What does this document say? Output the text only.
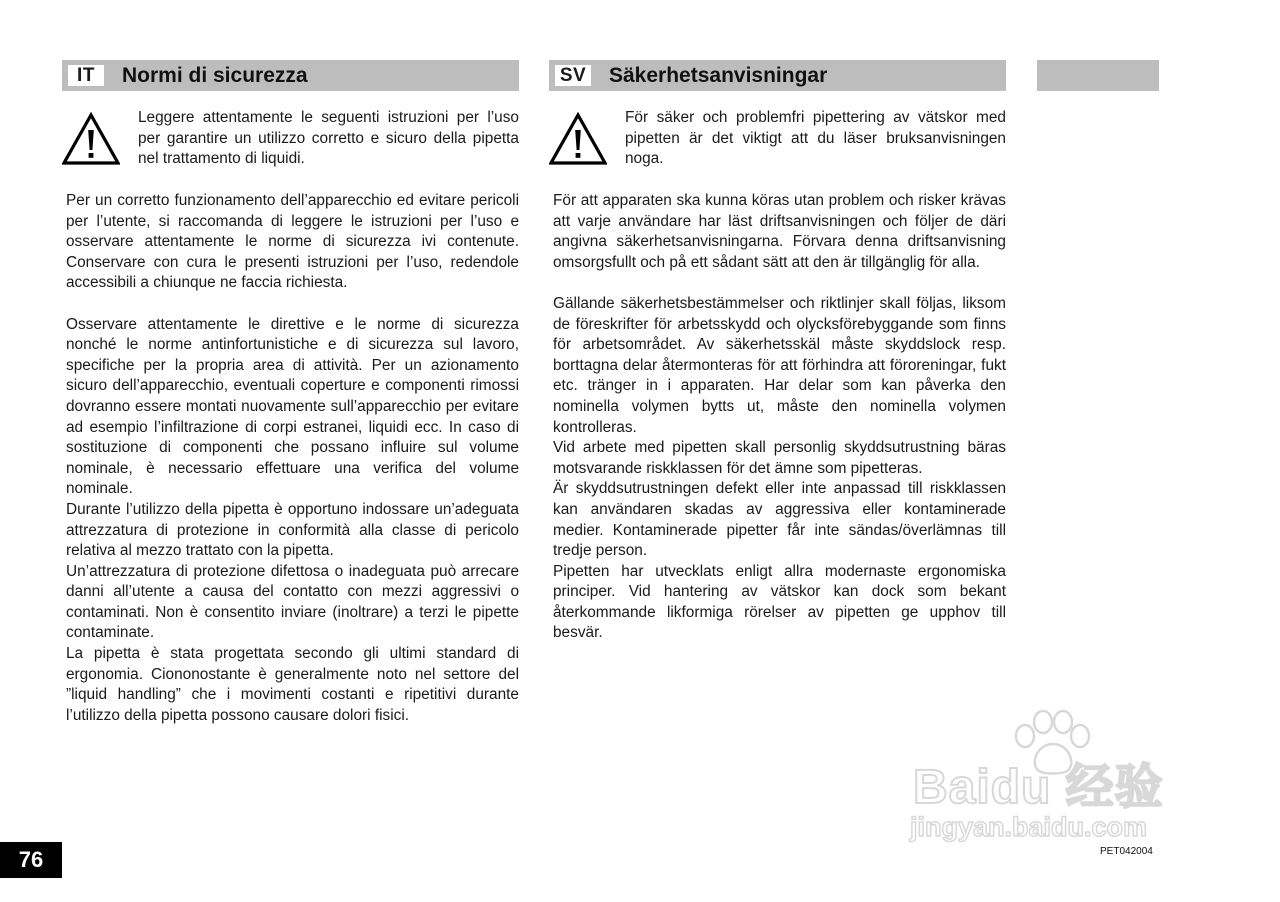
IT	Normi di sicurezza

Leggere attentamente le seguenti istruzioni per l’uso per garantire un utilizzo corretto e sicuro della pipetta nel trattamento di liquidi.

Per un corretto funzionamento dell’apparecchio ed evitare pericoli per l’utente, si raccomanda di leggere le istruzioni per l’uso e osservare attentamente le norme di sicurezza ivi contenute. Conservare con cura le presenti istruzioni per l’uso, redendole accessibili a chiunque ne faccia richiesta.

Osservare attentamente le direttive e le norme di sicurezza nonché le norme antinfortunistiche e di sicurezza sul lavoro, specifiche per la propria area di attività. Per un azionamento sicuro dell’apparecchio, eventuali coperture e componenti rimossi dovranno essere montati nuovamente sull’apparecchio per evitare ad esempio l’infiltrazione di corpi estranei, liquidi ecc. In caso di sostituzione di componenti che possano influire sul volume nominale, è necessario effettuare una verifica del volume nominale.

Durante l’utilizzo della pipetta è opportuno indossare un’adeguata attrezzatura di protezione in conformità alla classe di pericolo relativa al mezzo trattato con la pipetta.

Un’attrezzatura di protezione difettosa o inadeguata può arrecare danni all’utente a causa del contatto con mezzi aggressivi o contaminati. Non è consentito inviare (inoltrare) a terzi le pipette contaminate.

La pipetta è stata progettata secondo gli ultimi standard di ergonomia. Ciononostante è generalmente noto nel settore del ”liquid handling” che i movimenti costanti e ripetitivi durante l’utilizzo della pipetta possono causare dolori fisici.

SV Säkerhetsanvisningar

För säker och problemfri pipettering av vätskor med pipetten är det viktigt att du läser bruksanvisningen noga.

För att apparaten ska kunna köras utan problem och risker krävas att varje användare har läst driftsanvisningen och följer de däri angivna säkerhetsanvisningarna. Förvara denna driftsanvisning omsorgsfullt och på ett sådant sätt att den är tillgänglig för alla.

Gällande säkerhetsbestämmelser och riktlinjer skall följas, liksom de föreskrifter för arbetsskydd och olycksförebyggande som finns för arbetsområdet. Av säkerhetsskäl måste skyddslock resp. borttagna delar återmonteras för att förhindra att föroreningar, fukt etc. tränger in i apparaten. Har delar som kan påverka den nominella volymen bytts ut, måste den nominella volymen kontrolleras.

Vid arbete med pipetten skall personlig skyddsutrustning bäras motsvarande riskklassen för det ämne som pipetteras.

Är skyddsutrustningen defekt eller inte anpassad till riskklassen kan användaren skadas av aggressiva eller kontaminerade medier. Kontaminerade pipetter får inte sändas/överlämnas till tredje person.

Pipetten har utvecklats enligt allra modernaste ergonomiska principer. Vid hantering av vätskor kan dock som bekant återkommande likformiga rörelser av pipetten ge upphov till besvär.

Baidu 经验
jingyan.baidu.com
76	PET042004
